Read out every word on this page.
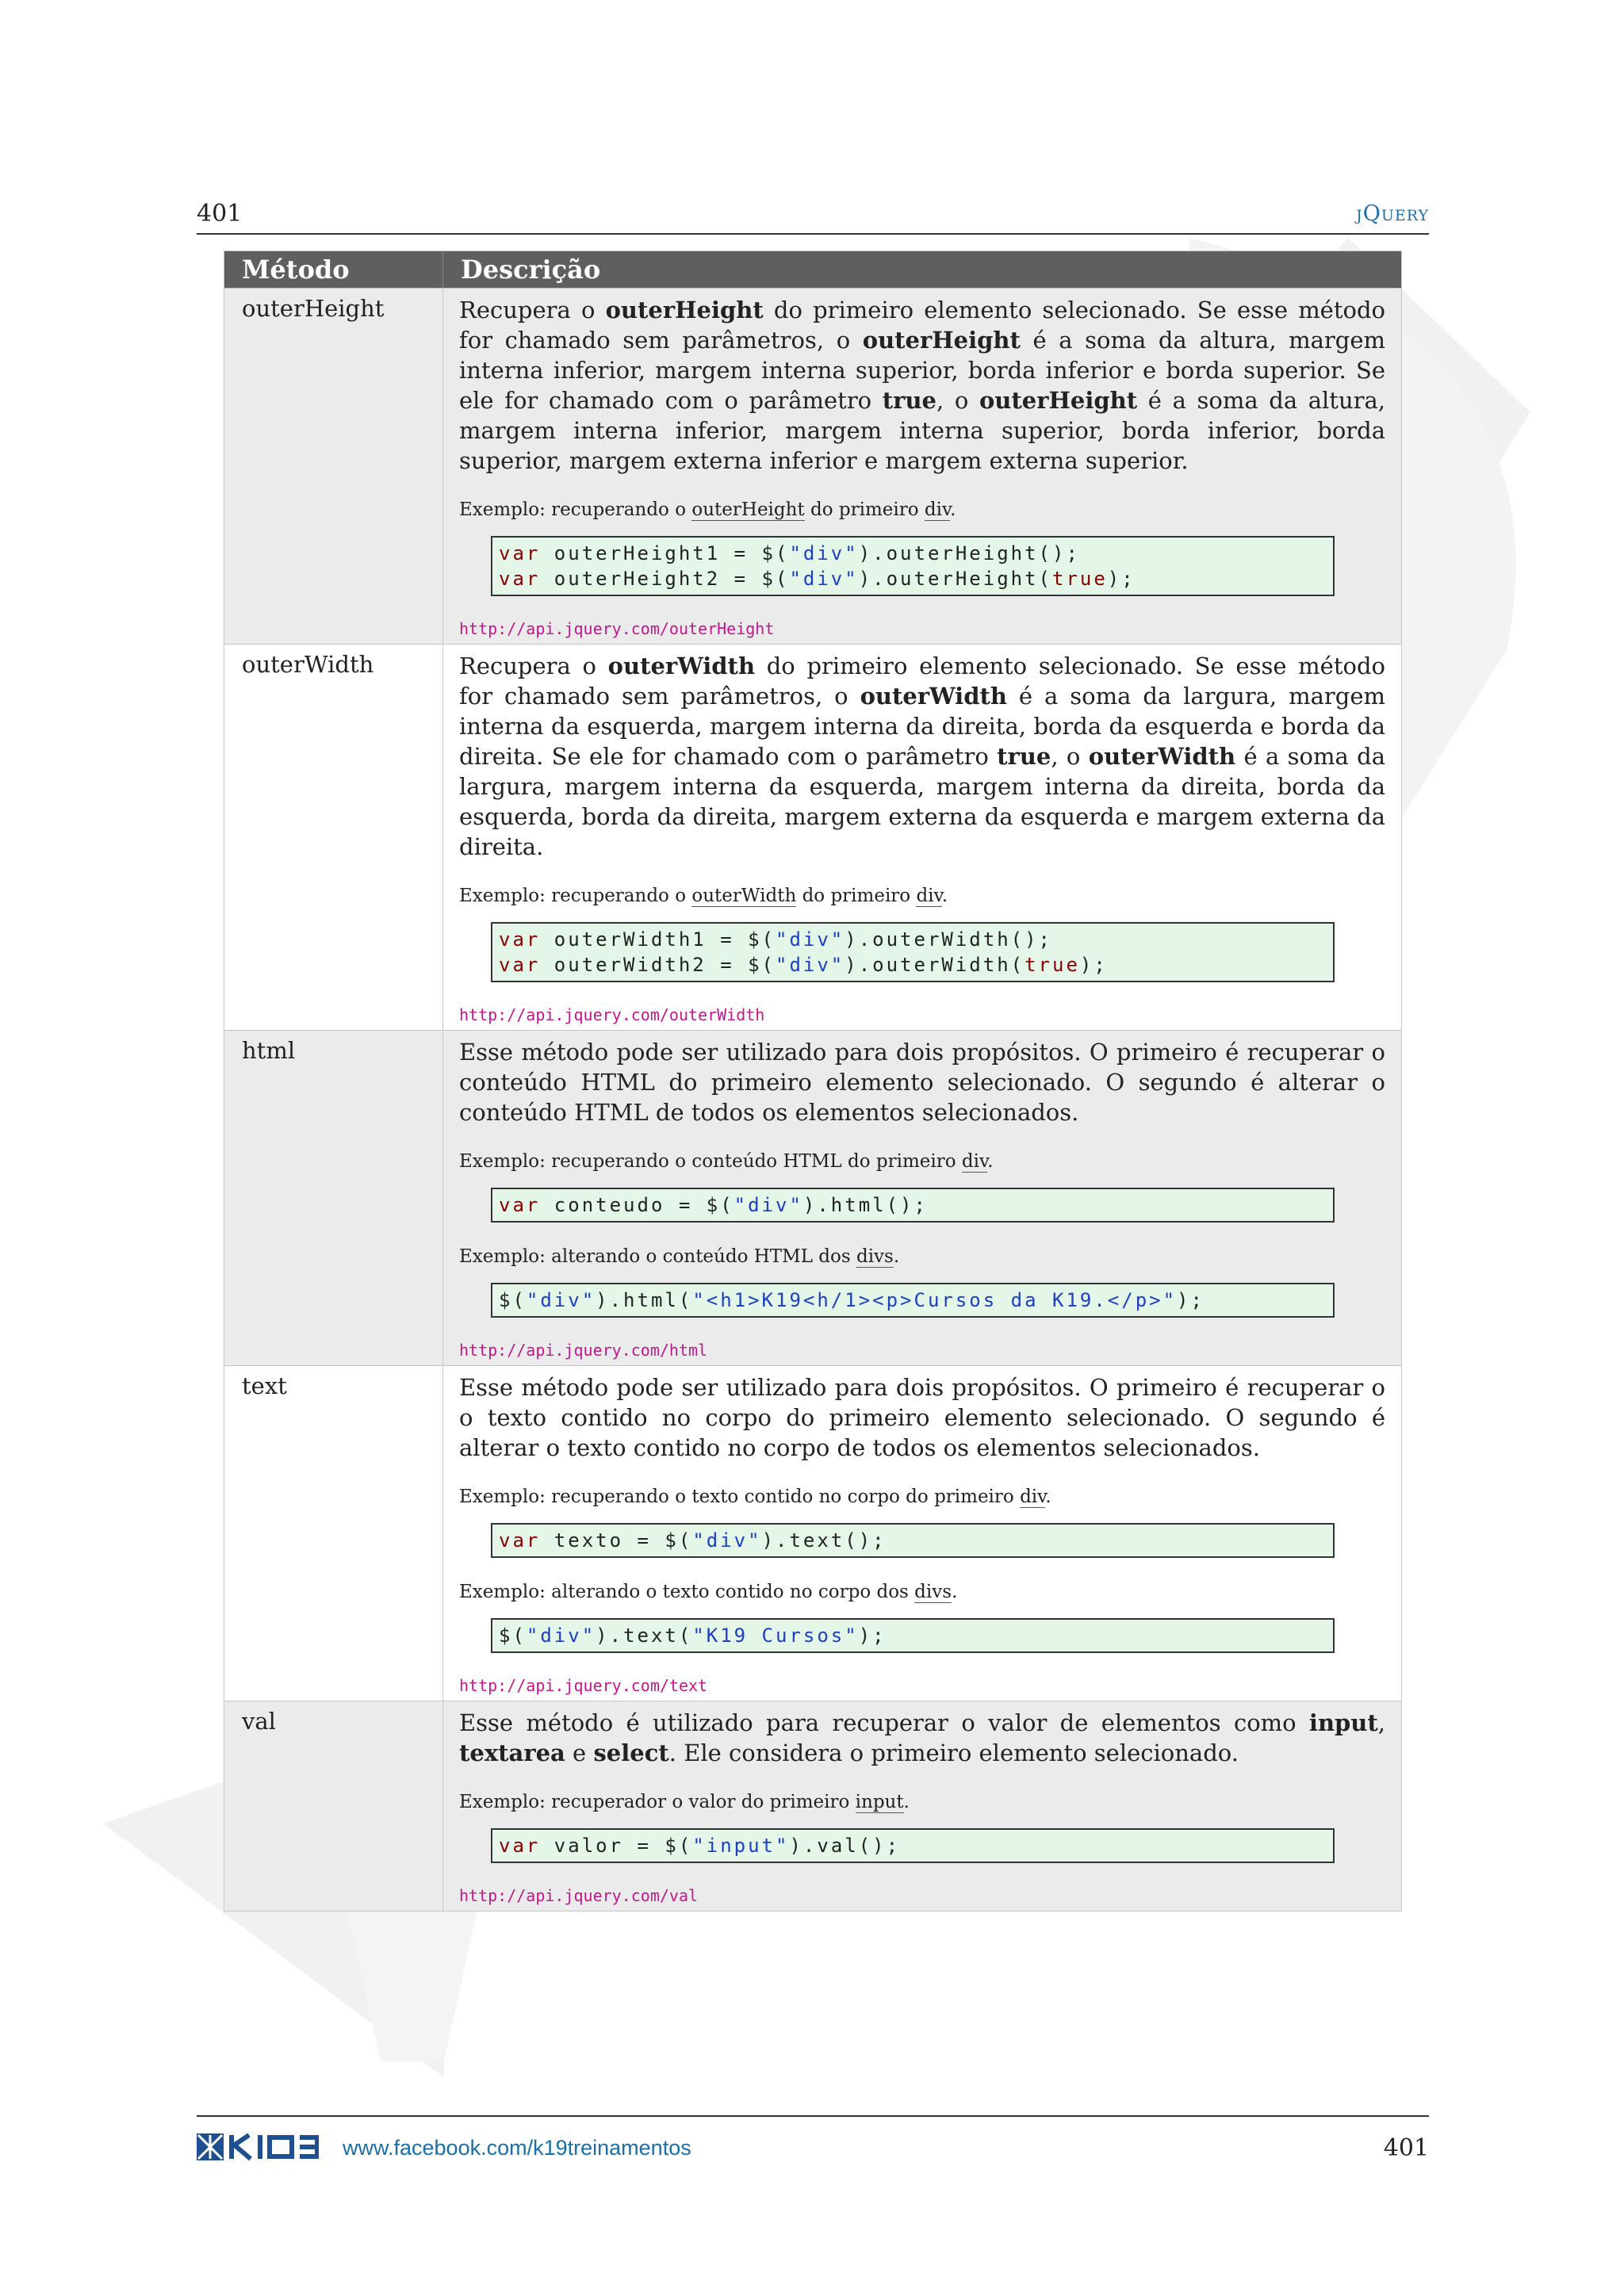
401	jQuery
Método	Descrição
outerHeight	Recupera o outerHeight do primeiro elemento selecionado. Se esse método for chamado sem parâmetros, o outerHeight é a soma da altura, margem interna inferior, margem interna superior, borda inferior e borda superior. Se ele for chamado com o parâmetro true, o outerHeight é a soma da altura, margem interna inferior, margem interna superior, borda inferior, borda superior, margem externa inferior e margem externa superior.

Exemplo: recuperando o outerHeight do primeiro div.
var outerHeight1 = $("div").outerHeight();
var outerHeight2 = $("div").outerHeight(true);
http://api.jquery.com/outerHeight
outerWidth	Recupera o outerWidth do primeiro elemento selecionado. Se esse método for chamado sem parâmetros, o outerWidth é a soma da largura, margem interna da esquerda, margem interna da direita, borda da esquerda e borda da direita. Se ele for chamado com o parâmetro true, o outerWidth é a soma da largura, margem interna da esquerda, margem interna da direita, borda da esquerda, borda da direita, margem externa da esquerda e margem externa da direita.

Exemplo: recuperando o outerWidth do primeiro div.
var outerWidth1 = $("div").outerWidth();
var outerWidth2 = $("div").outerWidth(true);
http://api.jquery.com/outerWidth
html	Esse método pode ser utilizado para dois propósitos. O primeiro é recuperar o conteúdo HTML do primeiro elemento selecionado. O segundo é alterar o conteúdo HTML de todos os elementos selecionados.

Exemplo: recuperando o conteúdo HTML do primeiro div.
var conteudo = $("div").html();
Exemplo: alterando o conteúdo HTML dos divs.
$("div").html("<h1>K19<h/1><p>Cursos da K19.</p>");
http://api.jquery.com/html
text	Esse método pode ser utilizado para dois propósitos. O primeiro é recuperar o o texto contido no corpo do primeiro elemento selecionado. O segundo é alterar o texto contido no corpo de todos os elementos selecionados.

Exemplo: recuperando o texto contido no corpo do primeiro div.
var texto = $("div").text();
Exemplo: alterando o texto contido no corpo dos divs.
$("div").text("K19 Cursos");
http://api.jquery.com/text
val	Esse método é utilizado para recuperar o valor de elementos como input, textarea e select. Ele considera o primeiro elemento selecionado.

Exemplo: recuperador o valor do primeiro input.
var valor = $("input").val();
http://api.jquery.com/val
www.facebook.com/k19treinamentos	401
